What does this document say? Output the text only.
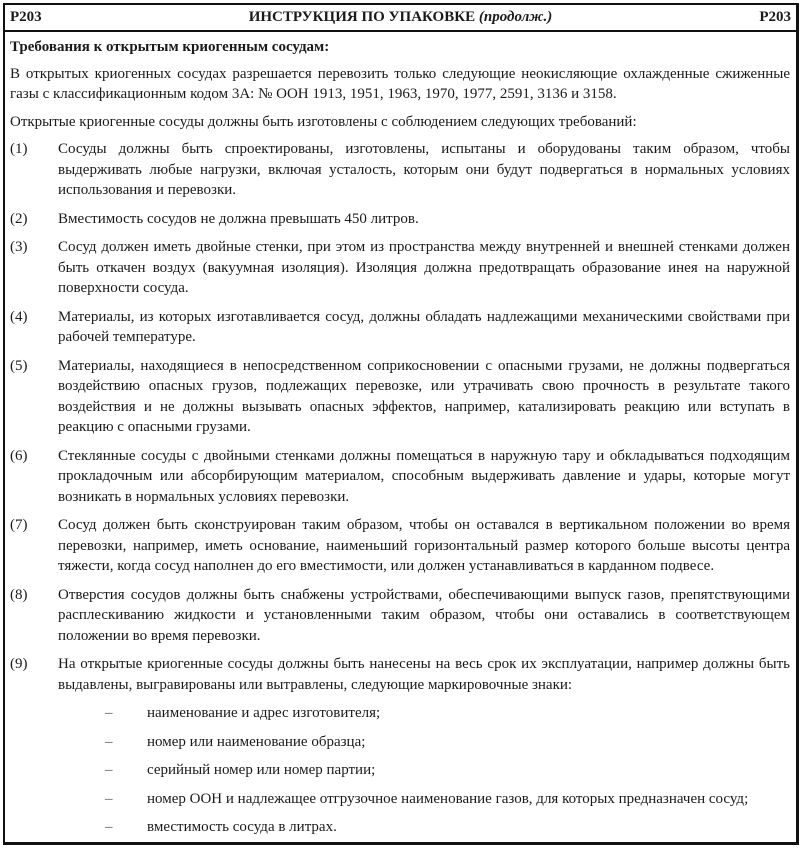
P203	ИНСТРУКЦИЯ ПО УПАКОВКЕ (продолж.)	P203

Требования к открытым криогенным сосудам:

В открытых криогенных сосудах разрешается перевозить только следующие неокисляющие охлажденные сжиженные газы с классификационным кодом 3A: № ООН 1913, 1951, 1963, 1970, 1977, 2591, 3136 и 3158.

Открытые криогенные сосуды должны быть изготовлены с соблюдением следующих требований:

(1)	Сосуды должны быть спроектированы, изготовлены, испытаны и оборудованы таким образом, чтобы выдерживать любые нагрузки, включая усталость, которым они будут подвергаться в нормальных условиях использования и перевозки.
(2)	Вместимость сосудов не должна превышать 450 литров.
(3)	Сосуд должен иметь двойные стенки, при этом из пространства между внутренней и внешней стенками должен быть откачен воздух (вакуумная изоляция). Изоляция должна предотвращать образование инея на наружной поверхности сосуда.
(4)	Материалы, из которых изготавливается сосуд, должны обладать надлежащими механическими свойствами при рабочей температуре.
(5)	Материалы, находящиеся в непосредственном соприкосновении с опасными грузами, не должны подвергаться воздействию опасных грузов, подлежащих перевозке, или утрачивать свою прочность в результате такого воздействия и не должны вызывать опасных эффектов, например, катализировать реакцию или вступать в реакцию с опасными грузами.
(6)	Стеклянные сосуды с двойными стенками должны помещаться в наружную тару и обкладываться подходящим прокладочным или абсорбирующим материалом, способным выдерживать давление и удары, которые могут возникать в нормальных условиях перевозки.
(7)	Сосуд должен быть сконструирован таким образом, чтобы он оставался в вертикальном положении во время перевозки, например, иметь основание, наименьший горизонтальный размер которого больше высоты центра тяжести, когда сосуд наполнен до его вместимости, или должен устанавливаться в карданном подвесе.
(8)	Отверстия сосудов должны быть снабжены устройствами, обеспечивающими выпуск газов, препятствующими расплескиванию жидкости и установленными таким образом, чтобы они оставались в соответствующем положении во время перевозки.
(9)	На открытые криогенные сосуды должны быть нанесены на весь срок их эксплуатации, например должны быть выдавлены, выгравированы или вытравлены, следующие маркировочные знаки:
–	наименование и адрес изготовителя;
–	номер или наименование образца;
–	серийный номер или номер партии;
–	номер ООН и надлежащее отгрузочное наименование газов, для которых предназначен сосуд;
–	вместимость сосуда в литрах.
